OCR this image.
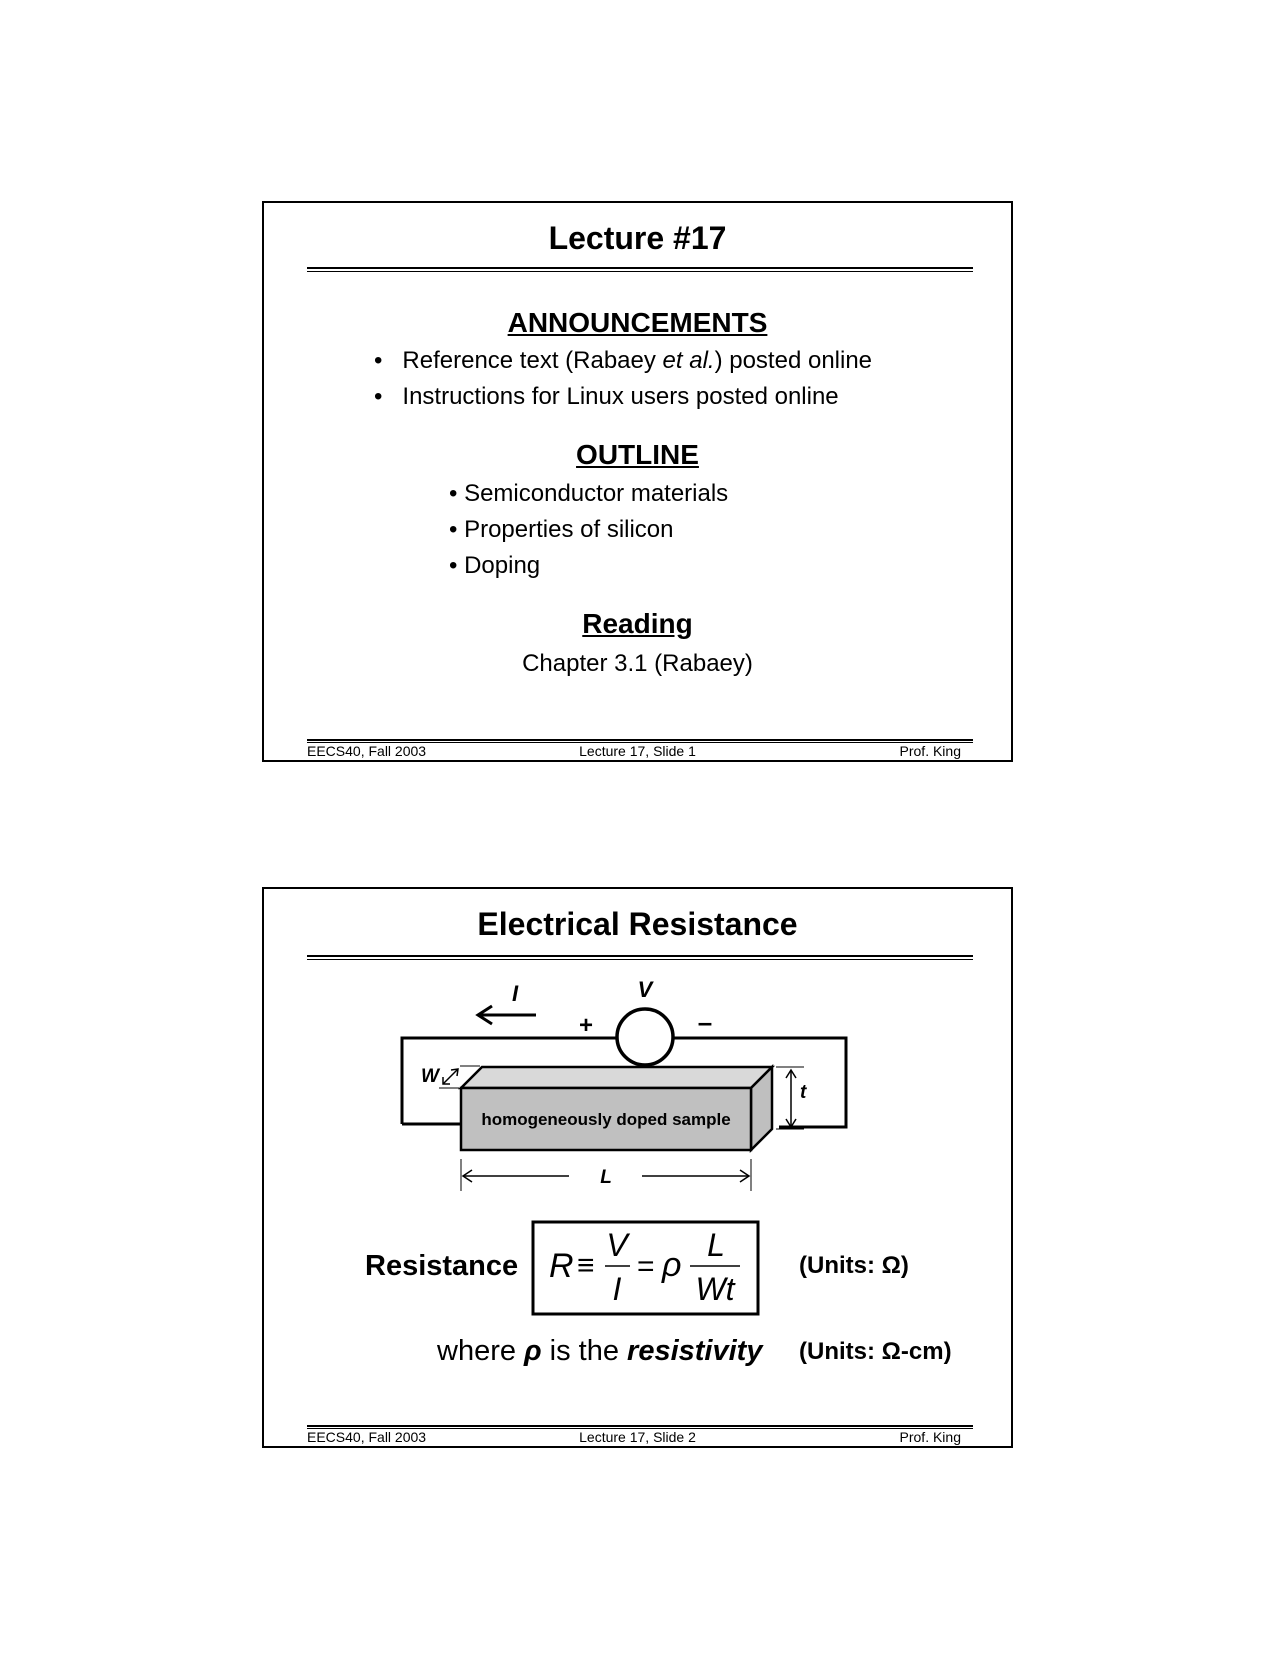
Lecture #17
ANNOUNCEMENTS
• Reference text (Rabaey et al.) posted online
• Instructions for Linux users posted online
OUTLINE
• Semiconductor materials
• Properties of silicon
• Doping
Reading
Chapter 3.1 (Rabaey)
EECS40, Fall 2003	Lecture 17, Slide 1	Prof. King
Electrical Resistance
V
+	–
I
homogeneously doped sample
W
t
L
R ≡
V
I
= ρ
L
Wt
Resistance	(Units: Ω)
where ρ is the resistivity (Units: Ω-cm)
EECS40, Fall 2003	Lecture 17, Slide 2	Prof. King
